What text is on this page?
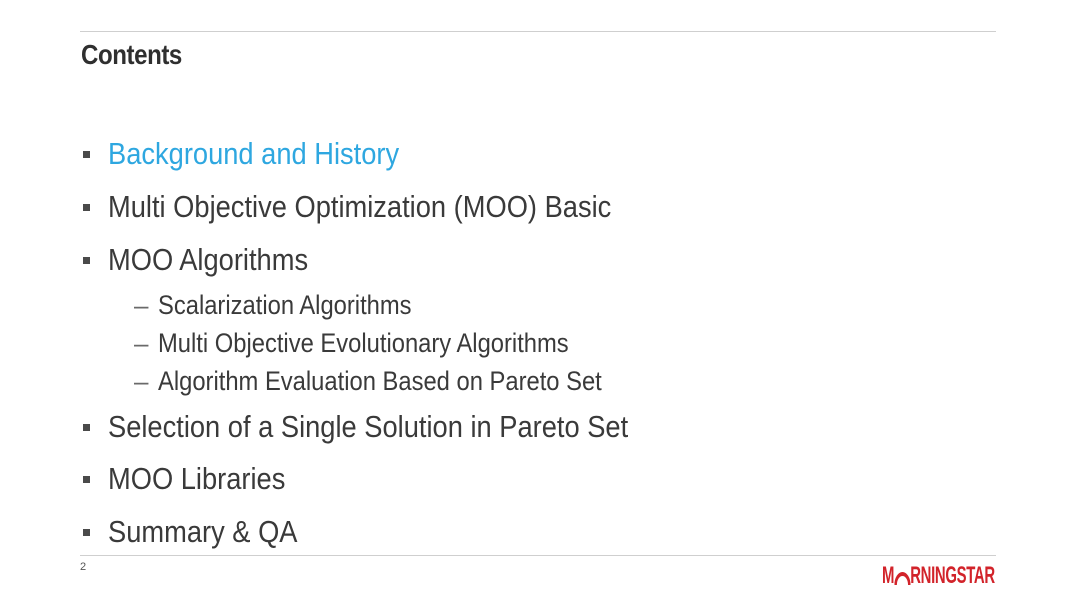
Contents
Background and History
Multi Objective Optimization (MOO) Basic
MOO Algorithms
– Scalarization Algorithms
– Multi Objective Evolutionary Algorithms
– Algorithm Evaluation Based on Pareto Set
Selection of a Single Solution in Pareto Set
MOO Libraries
Summary & QA
2	M RNINGSTAR
